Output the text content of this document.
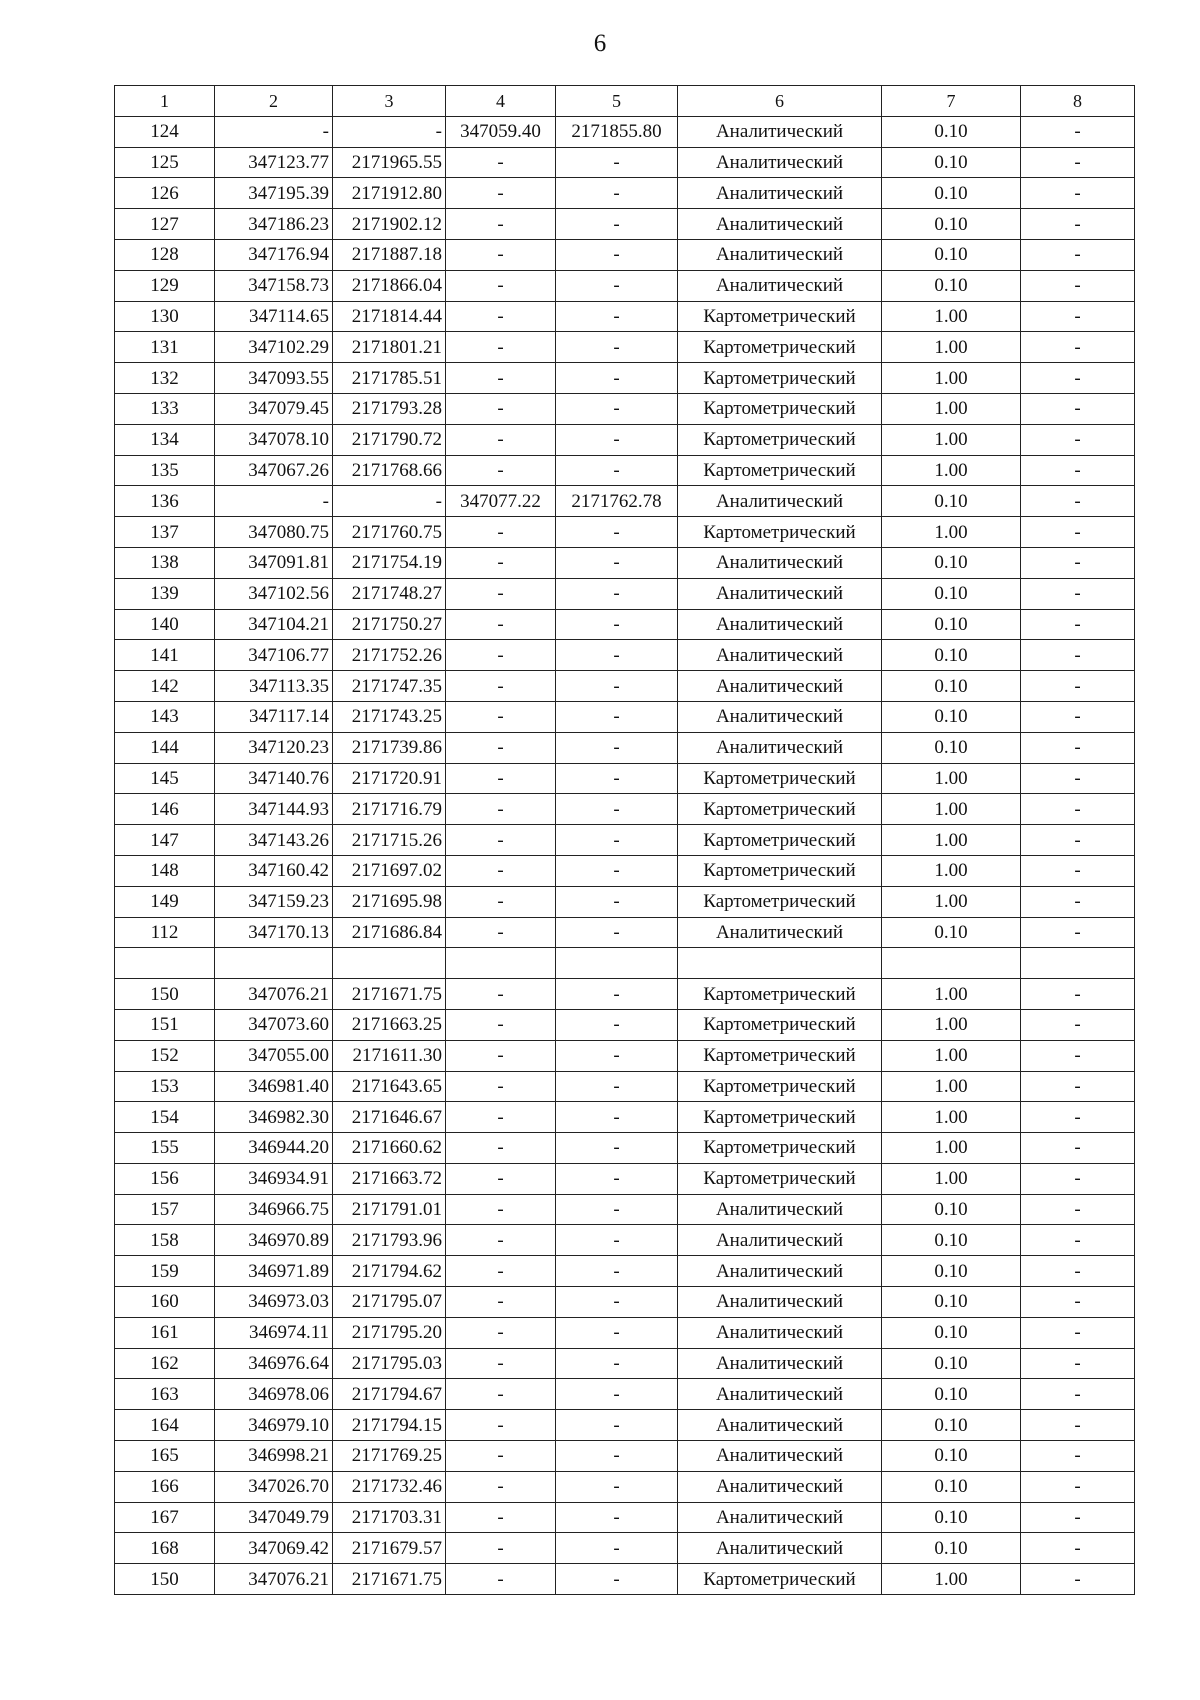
6
1	2	3	4	5	6	7	8
124	-	-	347059.40	2171855.80	Аналитический	0.10	-
125	347123.77	2171965.55	-	-	Аналитический	0.10	-
126	347195.39	2171912.80	-	-	Аналитический	0.10	-
127	347186.23	2171902.12	-	-	Аналитический	0.10	-
128	347176.94	2171887.18	-	-	Аналитический	0.10	-
129	347158.73	2171866.04	-	-	Аналитический	0.10	-
130	347114.65	2171814.44	-	-	Картометрический	1.00	-
131	347102.29	2171801.21	-	-	Картометрический	1.00	-
132	347093.55	2171785.51	-	-	Картометрический	1.00	-
133	347079.45	2171793.28	-	-	Картометрический	1.00	-
134	347078.10	2171790.72	-	-	Картометрический	1.00	-
135	347067.26	2171768.66	-	-	Картометрический	1.00	-
136	-	-	347077.22	2171762.78	Аналитический	0.10	-
137	347080.75	2171760.75	-	-	Картометрический	1.00	-
138	347091.81	2171754.19	-	-	Аналитический	0.10	-
139	347102.56	2171748.27	-	-	Аналитический	0.10	-
140	347104.21	2171750.27	-	-	Аналитический	0.10	-
141	347106.77	2171752.26	-	-	Аналитический	0.10	-
142	347113.35	2171747.35	-	-	Аналитический	0.10	-
143	347117.14	2171743.25	-	-	Аналитический	0.10	-
144	347120.23	2171739.86	-	-	Аналитический	0.10	-
145	347140.76	2171720.91	-	-	Картометрический	1.00	-
146	347144.93	2171716.79	-	-	Картометрический	1.00	-
147	347143.26	2171715.26	-	-	Картометрический	1.00	-
148	347160.42	2171697.02	-	-	Картометрический	1.00	-
149	347159.23	2171695.98	-	-	Картометрический	1.00	-
112	347170.13	2171686.84	-	-	Аналитический	0.10	-

150	347076.21	2171671.75	-	-	Картометрический	1.00	-
151	347073.60	2171663.25	-	-	Картометрический	1.00	-
152	347055.00	2171611.30	-	-	Картометрический	1.00	-
153	346981.40	2171643.65	-	-	Картометрический	1.00	-
154	346982.30	2171646.67	-	-	Картометрический	1.00	-
155	346944.20	2171660.62	-	-	Картометрический	1.00	-
156	346934.91	2171663.72	-	-	Картометрический	1.00	-
157	346966.75	2171791.01	-	-	Аналитический	0.10	-
158	346970.89	2171793.96	-	-	Аналитический	0.10	-
159	346971.89	2171794.62	-	-	Аналитический	0.10	-
160	346973.03	2171795.07	-	-	Аналитический	0.10	-
161	346974.11	2171795.20	-	-	Аналитический	0.10	-
162	346976.64	2171795.03	-	-	Аналитический	0.10	-
163	346978.06	2171794.67	-	-	Аналитический	0.10	-
164	346979.10	2171794.15	-	-	Аналитический	0.10	-
165	346998.21	2171769.25	-	-	Аналитический	0.10	-
166	347026.70	2171732.46	-	-	Аналитический	0.10	-
167	347049.79	2171703.31	-	-	Аналитический	0.10	-
168	347069.42	2171679.57	-	-	Аналитический	0.10	-
150	347076.21	2171671.75	-	-	Картометрический	1.00	-
